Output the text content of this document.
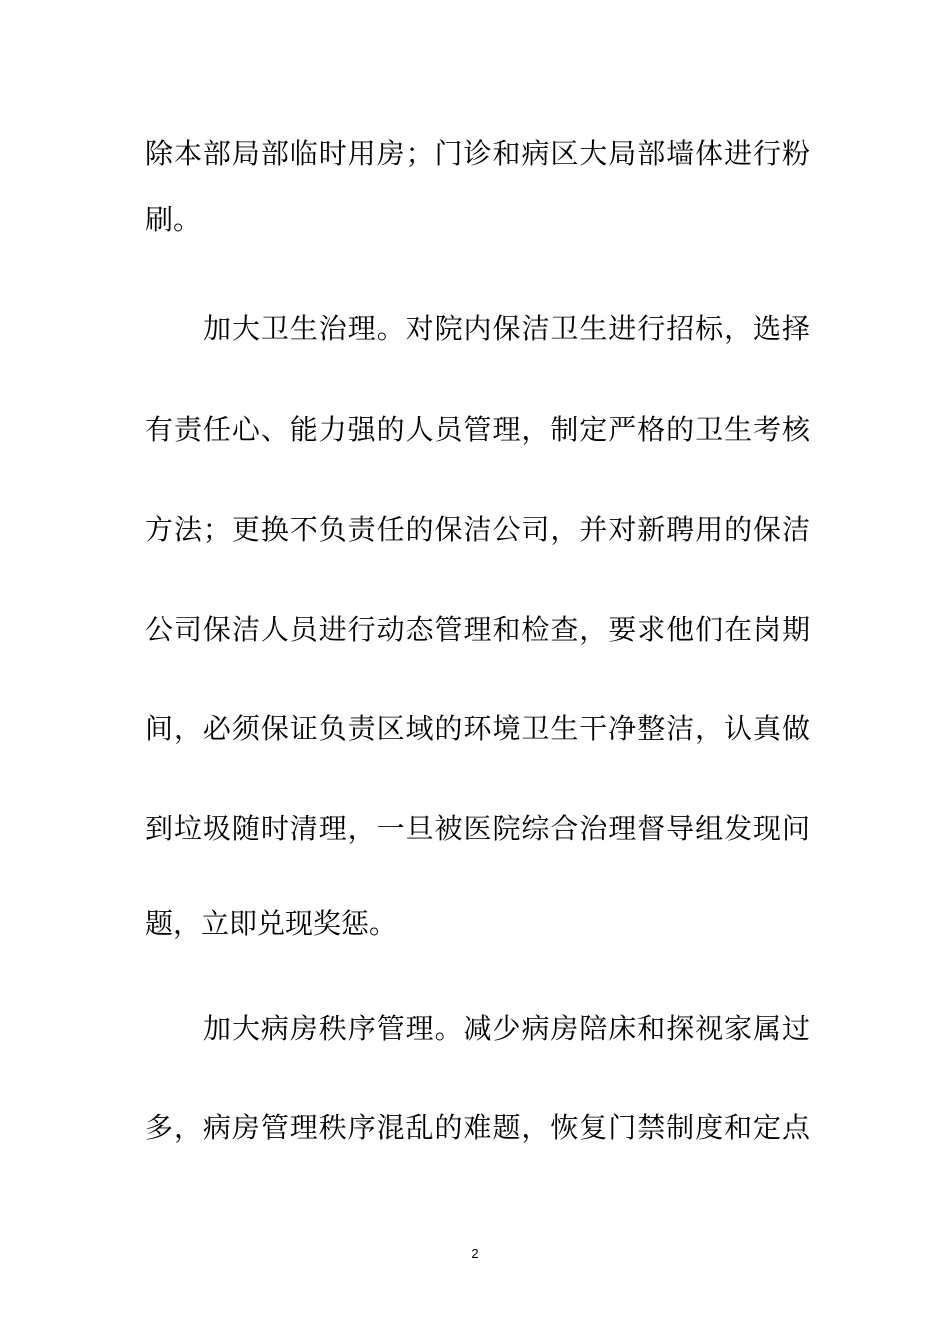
除本部局部临时用房；门诊和病区大局部墙体进行粉
刷。
加大卫生治理。对院内保洁卫生进行招标，选择
有责任心、能力强的人员管理，制定严格的卫生考核
方法；更换不负责任的保洁公司，并对新聘用的保洁
公司保洁人员进行动态管理和检查，要求他们在岗期
间，必须保证负责区域的环境卫生干净整洁，认真做
到垃圾随时清理，一旦被医院综合治理督导组发现问
题，立即兑现奖惩。
加大病房秩序管理。减少病房陪床和探视家属过
多，病房管理秩序混乱的难题，恢复门禁制度和定点
2
